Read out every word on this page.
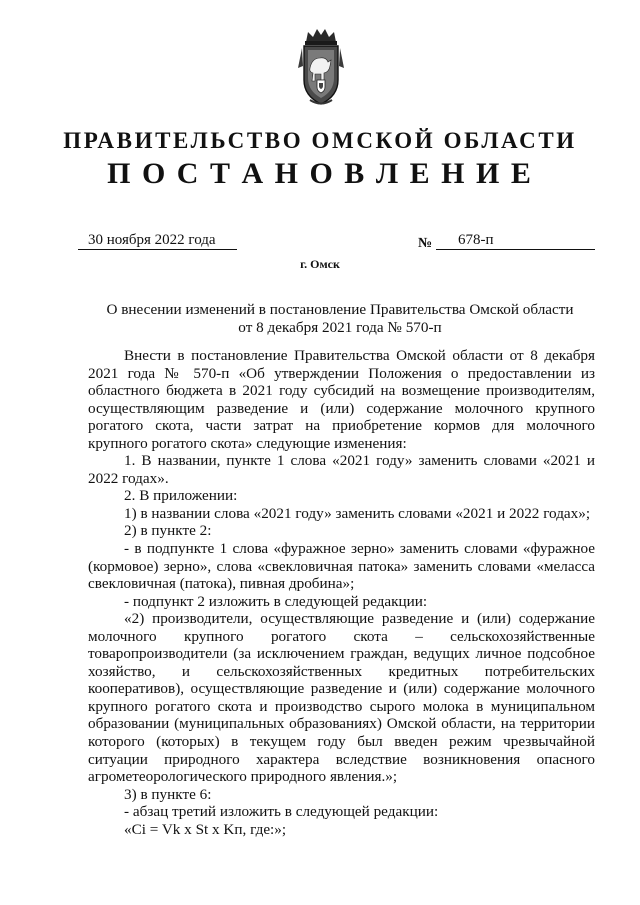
ПРАВИТЕЛЬСТВО ОМСКОЙ ОБЛАСТИ
П О С Т А Н О В Л Е Н И Е
30 ноября 2022 года	№	678-п
г. Омск
О внесении изменений в постановление Правительства Омской области
от 8 декабря 2021 года № 570-п
Внести в постановление Правительства Омской области от 8 декабря
2021 года № 570-п «Об утверждении Положения о предоставлении из
областного бюджета в 2021 году субсидий на возмещение производителям,
осуществляющим разведение и (или) содержание молочного крупного
рогатого скота, части затрат на приобретение кормов для молочного
крупного рогатого скота» следующие изменения:
1. В названии, пункте 1 слова «2021 году» заменить словами «2021 и
2022 годах».
2. В приложении:
1) в названии слова «2021 году» заменить словами «2021 и 2022 годах»;
2) в пункте 2:
- в подпункте 1 слова «фуражное зерно» заменить словами «фуражное
(кормовое) зерно», слова «свекловичная патока» заменить словами «меласса
свекловичная (патока), пивная дробина»;
- подпункт 2 изложить в следующей редакции:
«2) производители, осуществляющие разведение и (или) содержание
молочного крупного рогатого скота – сельскохозяйственные
товаропроизводители (за исключением граждан, ведущих личное подсобное
хозяйство, и сельскохозяйственных кредитных потребительских
кооперативов), осуществляющие разведение и (или) содержание молочного
крупного рогатого скота и производство сырого молока в муниципальном
образовании (муниципальных образованиях) Омской области, на территории
которого (которых) в текущем году был введен режим чрезвычайной
ситуации природного характера вследствие возникновения опасного
агрометеорологического природного явления.»;
3) в пункте 6:
- абзац третий изложить в следующей редакции:
«Ci = Vk x St x Kп, где:»;
